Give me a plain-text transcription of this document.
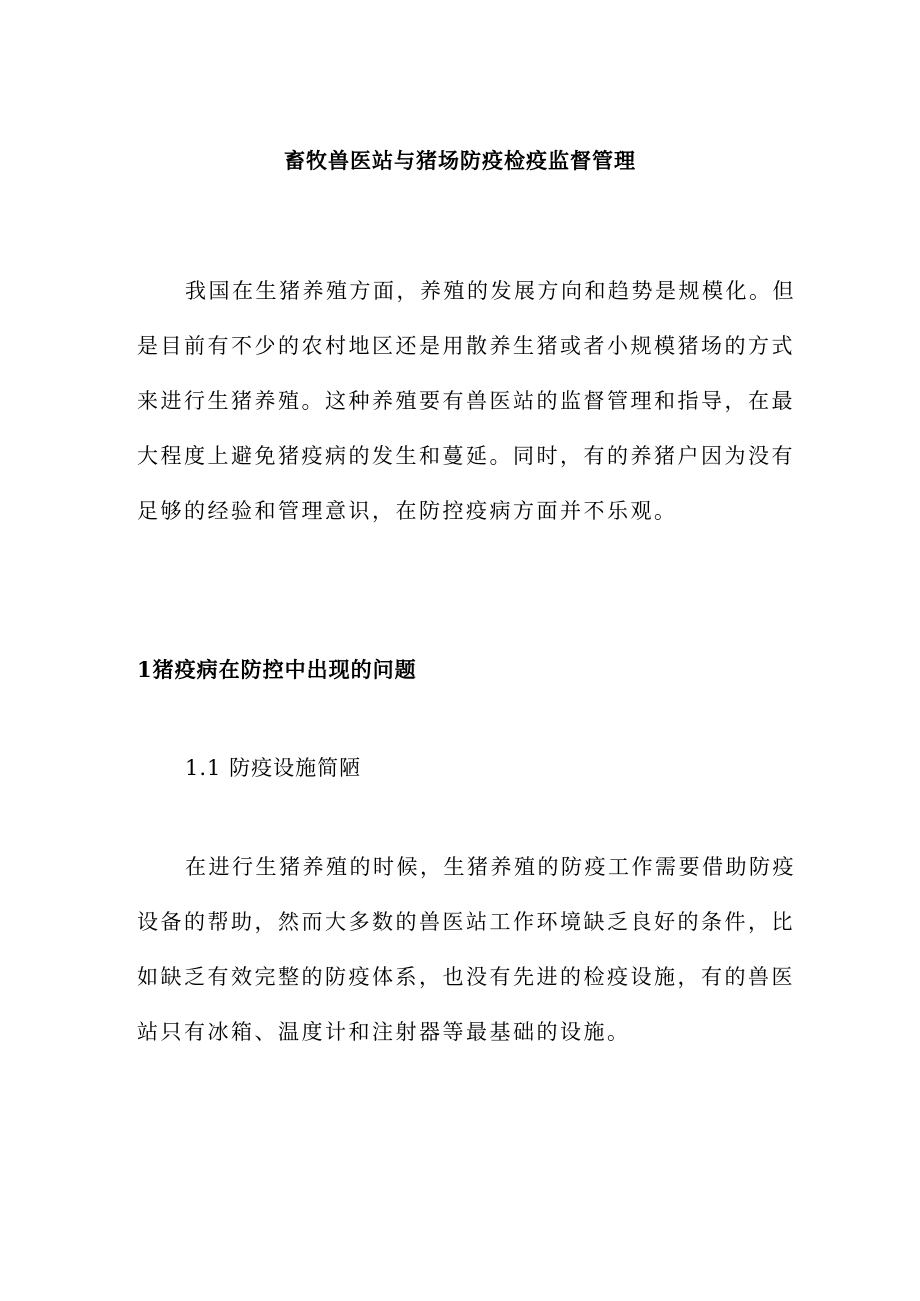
畜牧兽医站与猪场防疫检疫监督管理

我国在生猪养殖方面，养殖的发展方向和趋势是规模化。但
是目前有不少的农村地区还是用散养生猪或者小规模猪场的方式
来进行生猪养殖。这种养殖要有兽医站的监督管理和指导，在最
大程度上避免猪疫病的发生和蔓延。同时，有的养猪户因为没有
足够的经验和管理意识，在防控疫病方面并不乐观。

1猪疫病在防控中出现的问题
1.1 防疫设施简陋

在进行生猪养殖的时候，生猪养殖的防疫工作需要借助防疫
设备的帮助，然而大多数的兽医站工作环境缺乏良好的条件，比
如缺乏有效完整的防疫体系，也没有先进的检疫设施，有的兽医
站只有冰箱、温度计和注射器等最基础的设施。
